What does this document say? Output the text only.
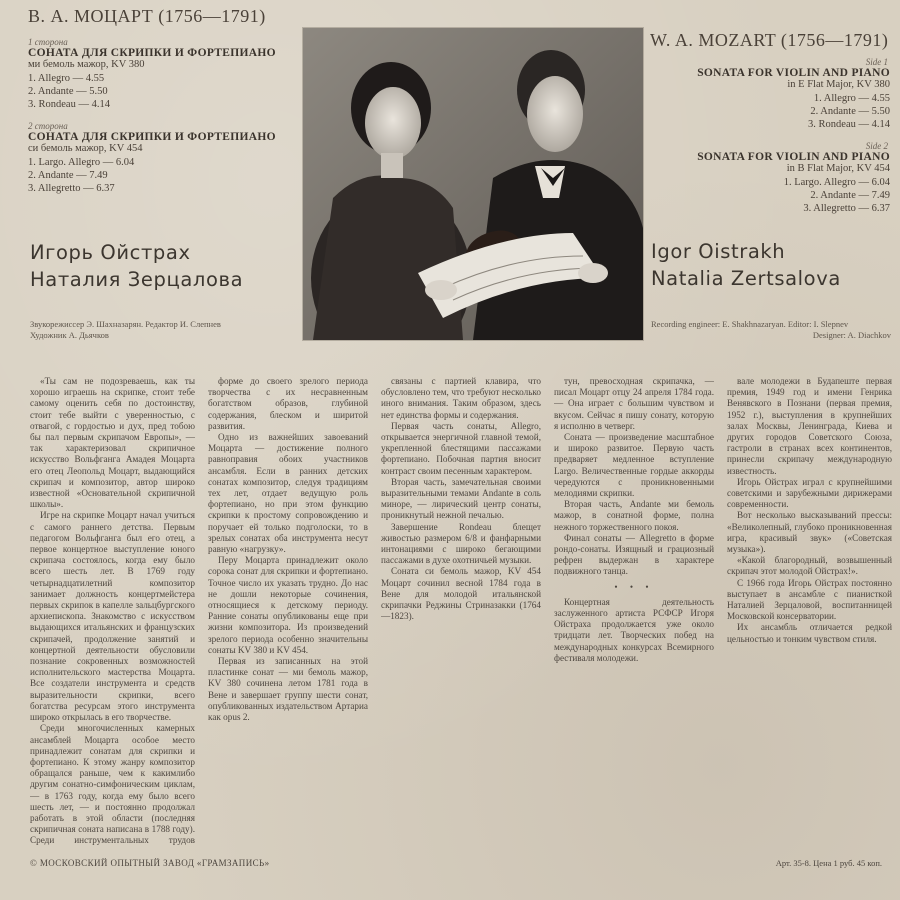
В. А. МОЦАРТ (1756—1791)
1 сторона
СОНАТА ДЛЯ СКРИПКИ И ФОРТЕПИАНО
ми бемоль мажор, KV 380
1. Allegro — 4.55
2. Andante — 5.50
3. Rondeau — 4.14
2 сторона
СОНАТА ДЛЯ СКРИПКИ И ФОРТЕПИАНО
си бемоль мажор, KV 454
1. Largo. Allegro — 6.04
2. Andante — 7.49
3. Allegretto — 6.37
Игорь Ойстрах
Наталия Зерцалова
Звукорежиссер Э. Шахназарян. Редактор И. Слепнев
Художник А. Дьячков
W. A. MOZART (1756—1791)
Side 1
SONATA FOR VIOLIN AND PIANO
in E Flat Major, KV 380
1. Allegro — 4.55
2. Andante — 5.50
3. Rondeau — 4.14
Side 2
SONATA FOR VIOLIN AND PIANO
in B Flat Major, KV 454
1. Largo. Allegro — 6.04
2. Andante — 7.49
3. Allegretto — 6.37
Igor Oistrakh
Natalia Zertsalova
Recording engineer: E. Shakhnazaryan. Editor: I. Slepnev
Designer: A. Diachkov

«Ты сам не подозреваешь, как ты хорошо играешь на скрипке, стоит тебе самому оценить себя по достоинству, стоит тебе выйти с уверенностью, с отвагой, с гордостью и дух, пред тобою бы пал первым скрипачом Европы», — так характеризовал скрипичное искусство Вольфганга Амадея Моцарта его отец Леопольд Моцарт, выдающийся скрипач и композитор, автор широко известной «Основательной скрипичной школы».

Игре на скрипке Моцарт начал учиться с самого раннего детства. Первым педагогом Вольфганга был его отец, а первое концертное выступление юного скрипача состоялось, когда ему было всего шесть лет. В 1769 году четырнадцатилетний композитор занимает должность концертмейстера первых скрипок в капелле зальцбургского архиепископа. Знакомство с искусством выдающихся итальянских и французских скрипачей, продолжение занятий и концертной деятельности обусловили познание сокровенных возможностей исполнительского мастерства Моцарта. Все создатели инструмента и средств выразительности скрипки, всего богатства ресурсам этого инструмента широко открылась в его творчестве.

Среди многочисленных камерных ансамблей Моцарта особое место принадлежит сонатам для скрипки и фортепиано. К этому жанру композитор обращался раньше, чем к какимлибо другим сонатно-симфоническим циклам, — в 1763 году, когда ему было всего шесть лет, — и постоянно продолжал работать в этой области (последняя скрипичная соната написана в 1788 году). Среди инструментальных трудов

форме до своего зрелого периода творчества с их несравненным богатством образов, глубиной содержания, блеском и ширитой развития.

Одно из важнейших завоеваний Моцарта — достижение полного равноправия обоих участников ансамбля. Если в ранних детских сонатах композитор, следуя традициям тех лет, отдает ведущую роль фортепиано, но при этом функцию скрипки к простому сопровождению и поручает ей только подголоски, то в зрелых сонатах оба инструмента несут равную «нагрузку».

Перу Моцарта принадлежит около сорока сонат для скрипки и фортепиано. Точное число их указать трудно. До нас не дошли некоторые сочинения, относящиеся к детскому периоду. Ранние сонаты опубликованы еще при жизни композитора. Из произведений зрелого периода особенно значительны сонаты KV 380 и KV 454.

Первая из записанных на этой пластинке сонат — ми бемоль мажор, KV 380 сочинена летом 1781 года в Вене и завершает группу шести сонат, опубликованных издательством Артариа как opus 2.

связаны с партией клавира, что обусловлено тем, что требуют несколько иного внимания. Таким образом, здесь нет единства формы и содержания.

Первая часть сонаты, Allegro, открывается энергичной главной темой, укрепленной блестящими пассажами фортепиано. Побочная партия вносит контраст своим песенным характером.

Вторая часть, замечательная своими выразительными темами Andante в соль миноре, — лирический центр сонаты, проникнутый нежной печалью.

Завершение Rondeau блещет живостью размером 6/8 и фанфарными интонациями с широко бегающими пассажами в духе охотничьей музыки.

Соната си бемоль мажор, KV 454 Моцарт сочинил весной 1784 года в Вене для молодой итальянской скрипачки Реджины Стриназакки (1764—1823).

тун, превосходная скрипачка, — писал Моцарт отцу 24 апреля 1784 года. — Она играет с большим чувством и вкусом. Сейчас я пишу сонату, которую я исполню в четверг.

Соната — произведение масштабное и широко развитое. Первую часть предваряет медленное вступление Largo. Величественные гордые аккорды чередуются с проникновенными мелодиями скрипки.

Вторая часть, Andante ми бемоль мажор, в сонатной форме, полна нежного торжественного покоя.

Финал сонаты — Allegretto в форме рондо-сонаты. Изящный и грациозный рефрен выдержан в характере подвижного танца.

• • •

Концертная деятельность заслуженного артиста РСФСР Игоря Ойстраха продолжается уже около тридцати лет. Творческих побед на международных конкурсах Всемирного фестиваля молодежи.

вале молодежи в Будапеште первая премия, 1949 год и имени Генрика Венявского в Познани (первая премия, 1952 г.), выступления в крупнейших залах Москвы, Ленинграда, Киева и других городов Советского Союза, гастроли в странах всех континентов, принесли скрипачу международную известность.

Игорь Ойстрах играл с крупнейшими советскими и зарубежными дирижерами современности.

Вот несколько высказываний прессы: «Великолепный, глубоко проникновенная игра, красивый звук» («Советская музыка»).

«Какой благородный, возвышенный скрипач этот молодой Ойстрах!».

С 1966 года Игорь Ойстрах постоянно выступает в ансамбле с пианисткой Наталией Зерцаловой, воспитанницей Московской консерватории.

Их ансамбль отличается редкой цельностью и тонким чувством стиля.

© МОСКОВСКИЙ ОПЫТНЫЙ ЗАВОД «ГРАМЗАПИСЬ»	Арт. 35-8. Цена 1 руб. 45 коп.
